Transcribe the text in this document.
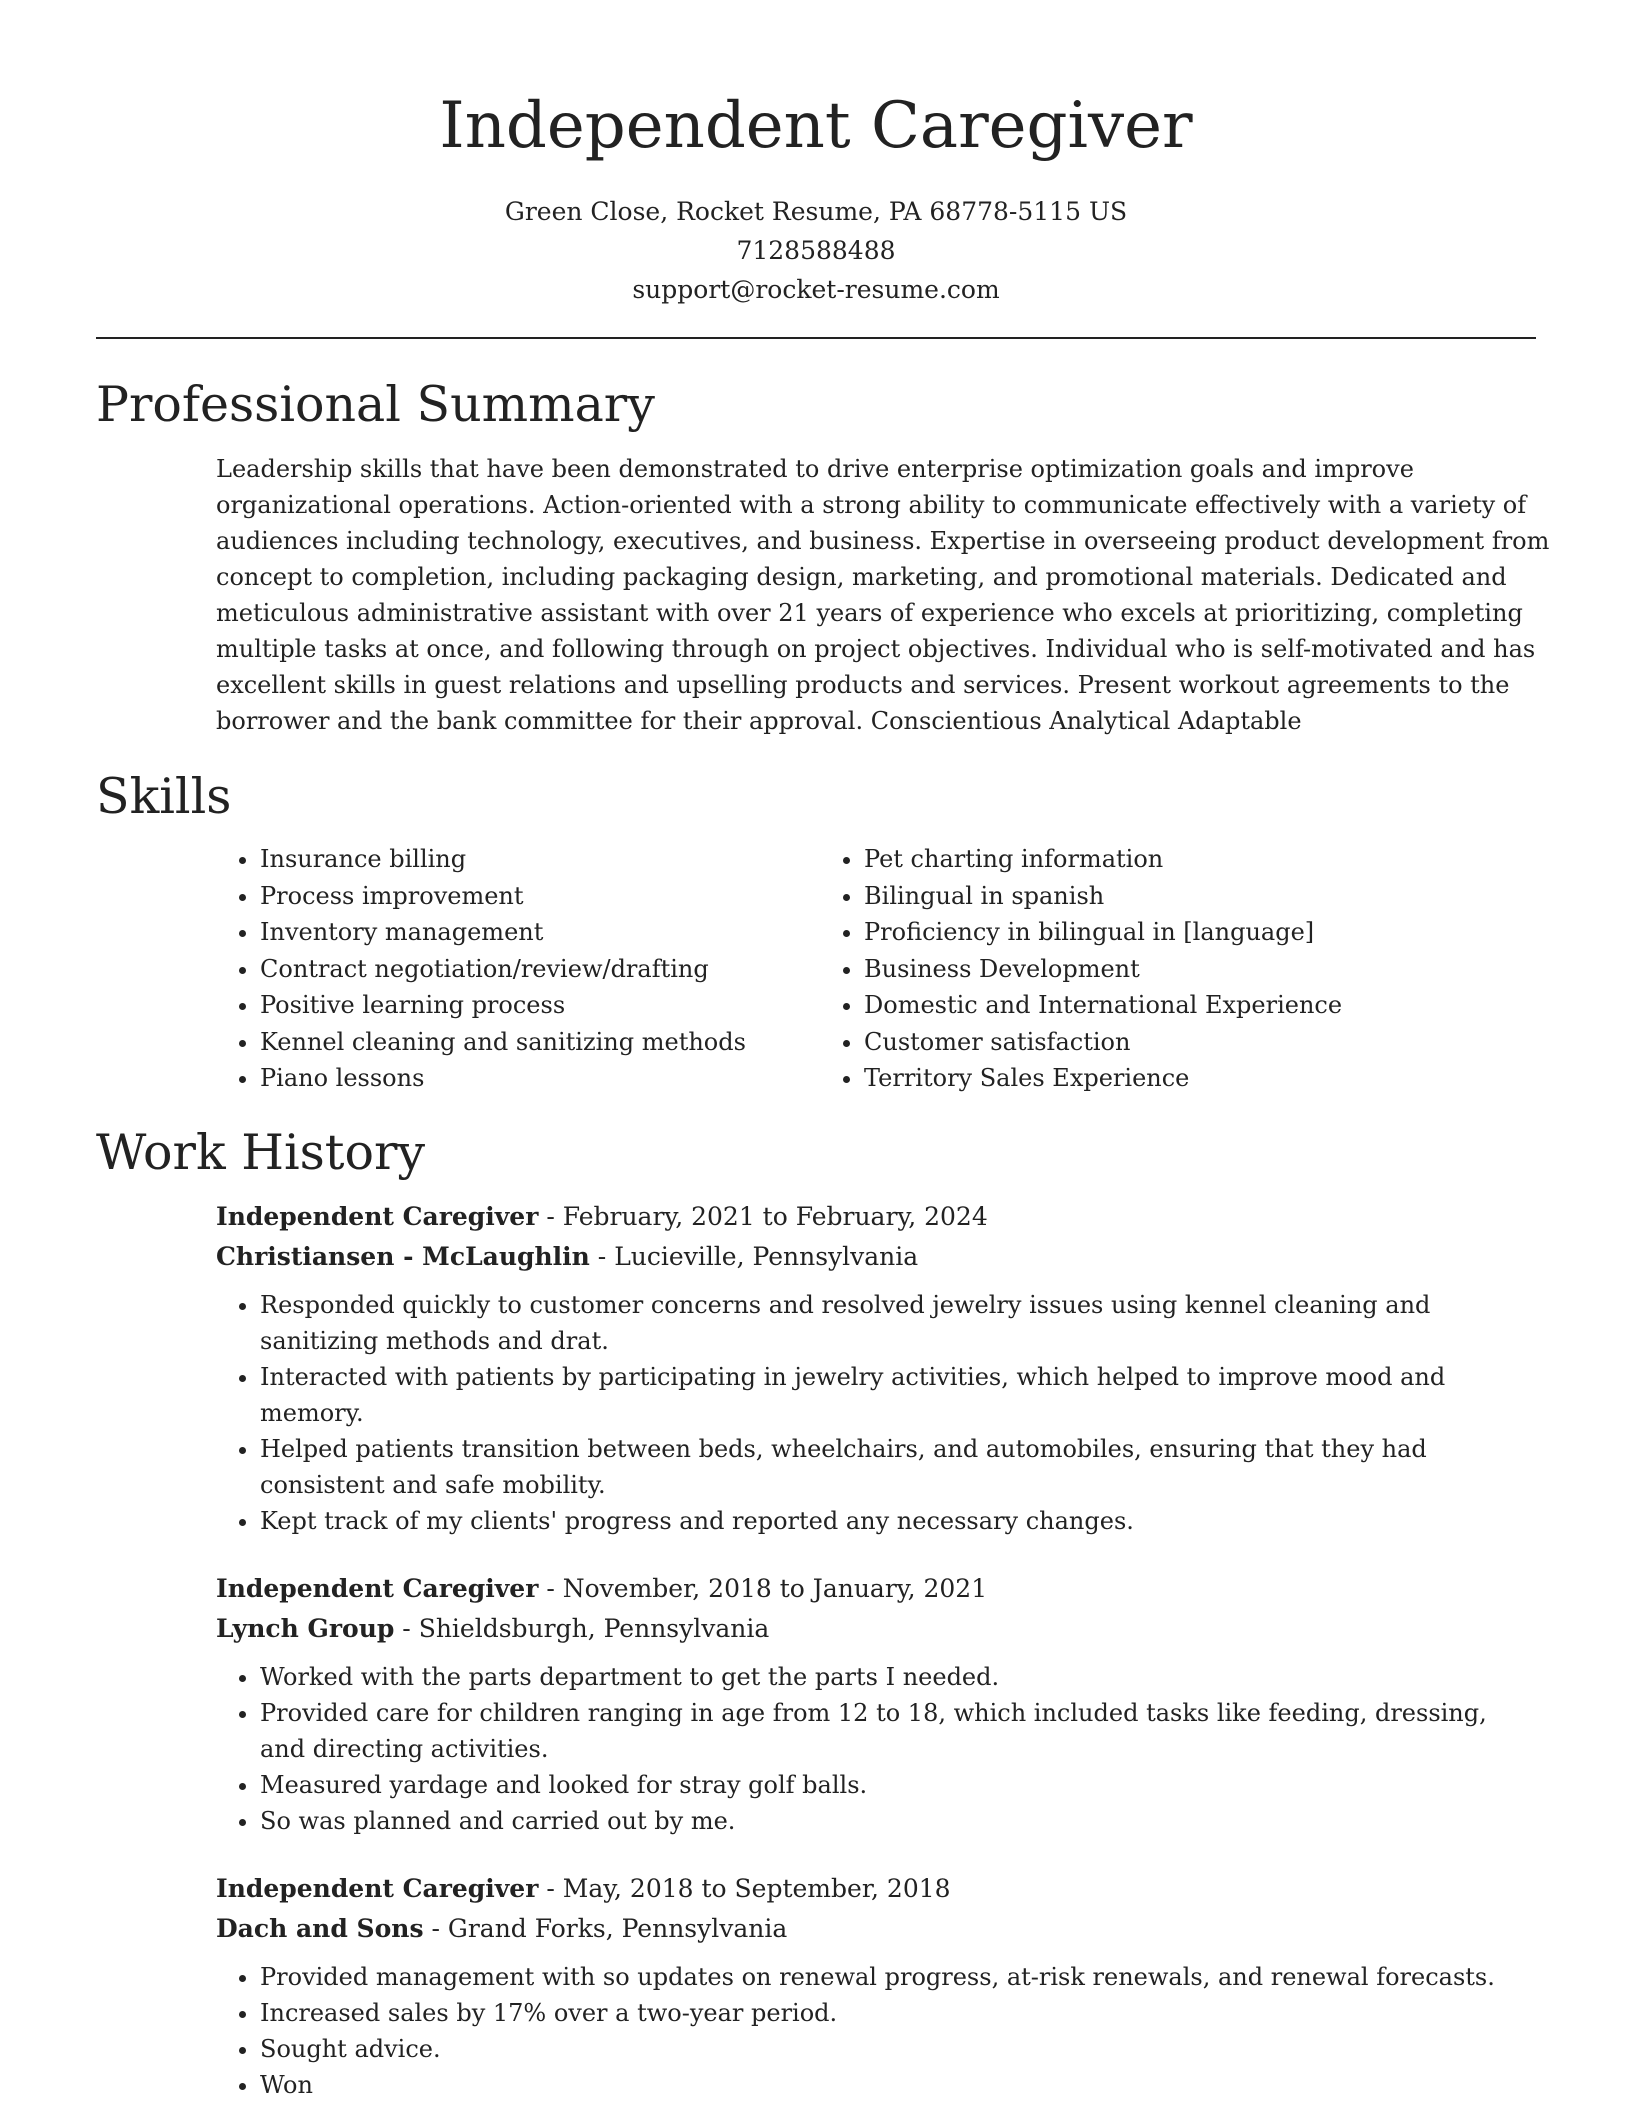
Independent Caregiver
Green Close, Rocket Resume, PA 68778-5115 US
7128588488
support@rocket-resume.com
Professional Summary

Leadership skills that have been demonstrated to drive enterprise optimization goals and improve organizational operations. Action-oriented with a strong ability to communicate effectively with a variety of audiences including technology, executives, and business. Expertise in overseeing product development from concept to completion, including packaging design, marketing, and promotional materials. Dedicated and meticulous administrative assistant with over 21 years of experience who excels at prioritizing, completing multiple tasks at once, and following through on project objectives. Individual who is self-motivated and has excellent skills in guest relations and upselling products and services. Present workout agreements to the borrower and the bank committee for their approval. Conscientious Analytical Adaptable

Skills
• Insurance billing
• Process improvement
• Inventory management
• Contract negotiation/review/drafting
• Positive learning process
• Kennel cleaning and sanitizing methods
• Piano lessons
• Pet charting information
• Bilingual in spanish
• Proficiency in bilingual in [language]
• Business Development
• Domestic and International Experience
• Customer satisfaction
• Territory Sales Experience
Work History
Independent Caregiver - February, 2021 to February, 2024
Christiansen - McLaughlin - Lucieville, Pennsylvania
• Responded quickly to customer concerns and resolved jewelry issues using kennel cleaning and sanitizing methods and drat.
• Interacted with patients by participating in jewelry activities, which helped to improve mood and memory.
• Helped patients transition between beds, wheelchairs, and automobiles, ensuring that they had consistent and safe mobility.
• Kept track of my clients' progress and reported any necessary changes.
Independent Caregiver - November, 2018 to January, 2021
Lynch Group - Shieldsburgh, Pennsylvania
• Worked with the parts department to get the parts I needed.
• Provided care for children ranging in age from 12 to 18, which included tasks like feeding, dressing, and directing activities.
• Measured yardage and looked for stray golf balls.
• So was planned and carried out by me.
Independent Caregiver - May, 2018 to September, 2018
Dach and Sons - Grand Forks, Pennsylvania
• Provided management with so updates on renewal progress, at-risk renewals, and renewal forecasts.
• Increased sales by 17% over a two-year period.
• Sought advice.
• Won
